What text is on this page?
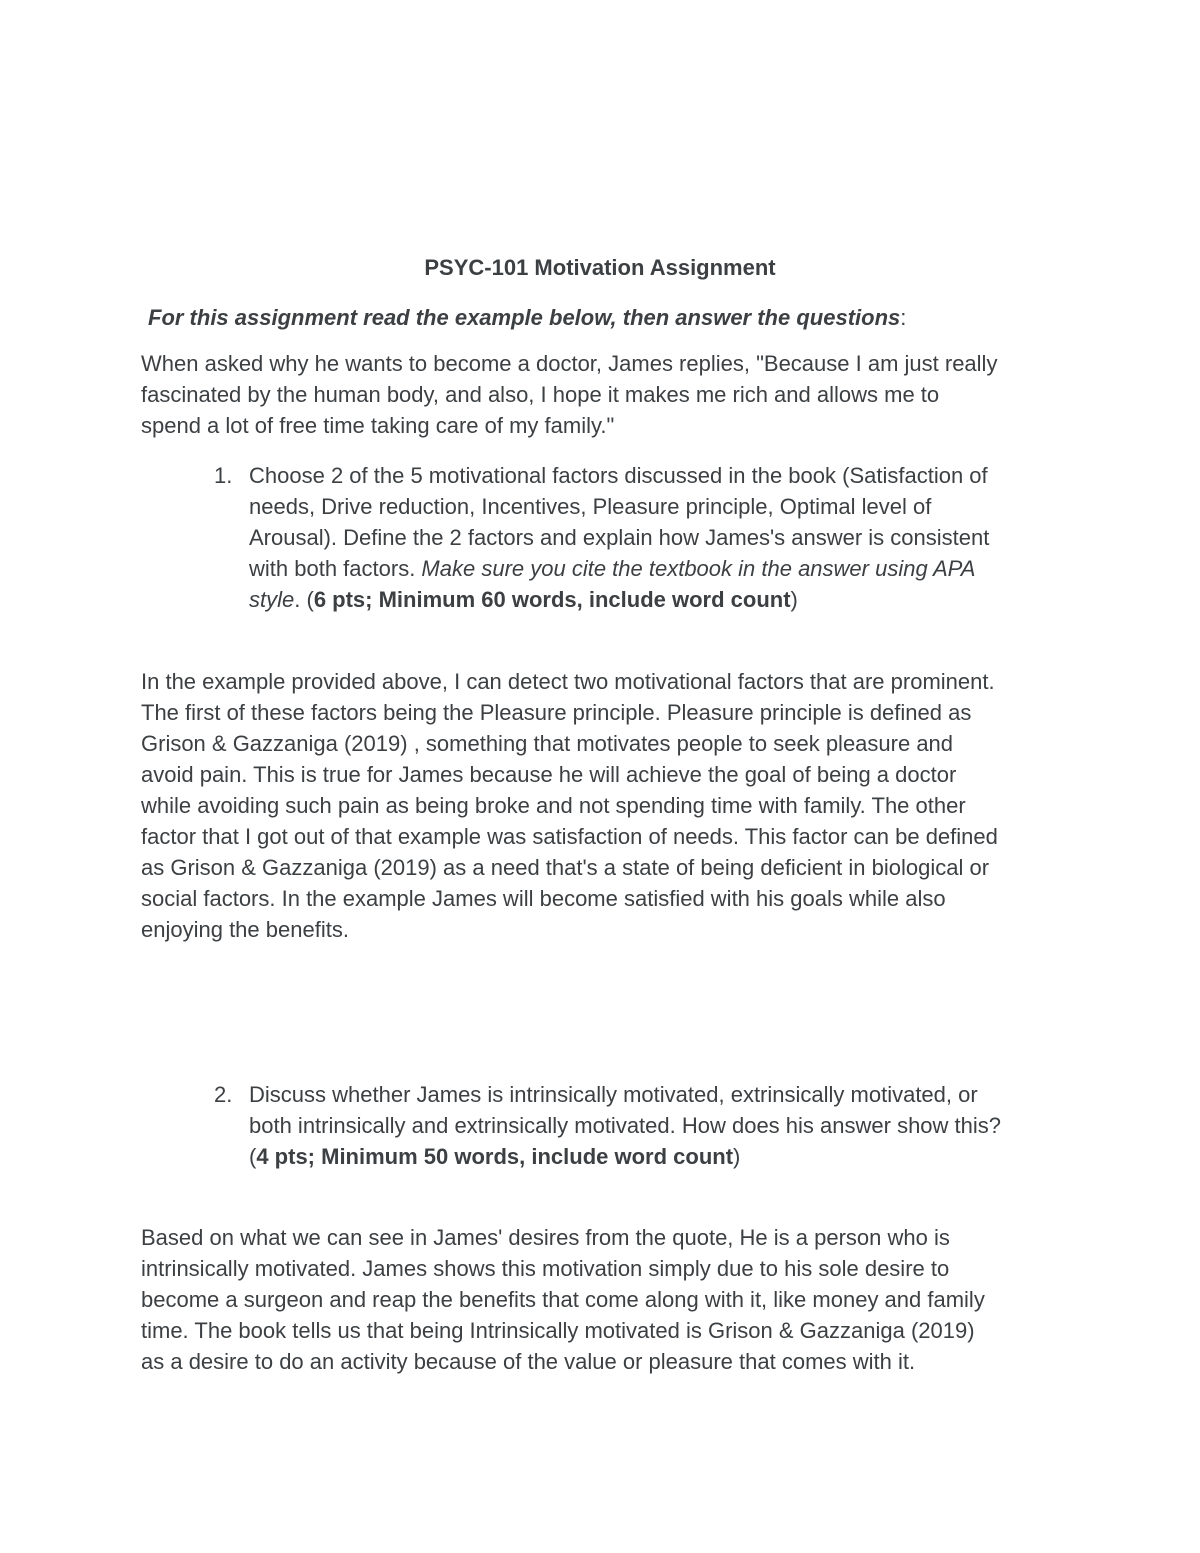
PSYC-101 Motivation Assignment
For this assignment read the example below, then answer the questions:
When asked why he wants to become a doctor, James replies, "Because I am just really
fascinated by the human body, and also, I hope it makes me rich and allows me to
spend a lot of free time taking care of my family."
1. Choose 2 of the 5 motivational factors discussed in the book (Satisfaction of
needs, Drive reduction, Incentives, Pleasure principle, Optimal level of
Arousal). Define the 2 factors and explain how James's answer is consistent
with both factors. Make sure you cite the textbook in the answer using APA
style. (6 pts; Minimum 60 words, include word count)
In the example provided above, I can detect two motivational factors that are prominent.
The first of these factors being the Pleasure principle. Pleasure principle is defined as
Grison & Gazzaniga (2019) , something that motivates people to seek pleasure and
avoid pain. This is true for James because he will achieve the goal of being a doctor
while avoiding such pain as being broke and not spending time with family. The other
factor that I got out of that example was satisfaction of needs. This factor can be defined
as Grison & Gazzaniga (2019) as a need that's a state of being deficient in biological or
social factors. In the example James will become satisfied with his goals while also
enjoying the benefits.
2. Discuss whether James is intrinsically motivated, extrinsically motivated, or
both intrinsically and extrinsically motivated. How does his answer show this?
(4 pts; Minimum 50 words, include word count)
Based on what we can see in James' desires from the quote, He is a person who is
intrinsically motivated. James shows this motivation simply due to his sole desire to
become a surgeon and reap the benefits that come along with it, like money and family
time. The book tells us that being Intrinsically motivated is Grison & Gazzaniga (2019)
as a desire to do an activity because of the value or pleasure that comes with it.
